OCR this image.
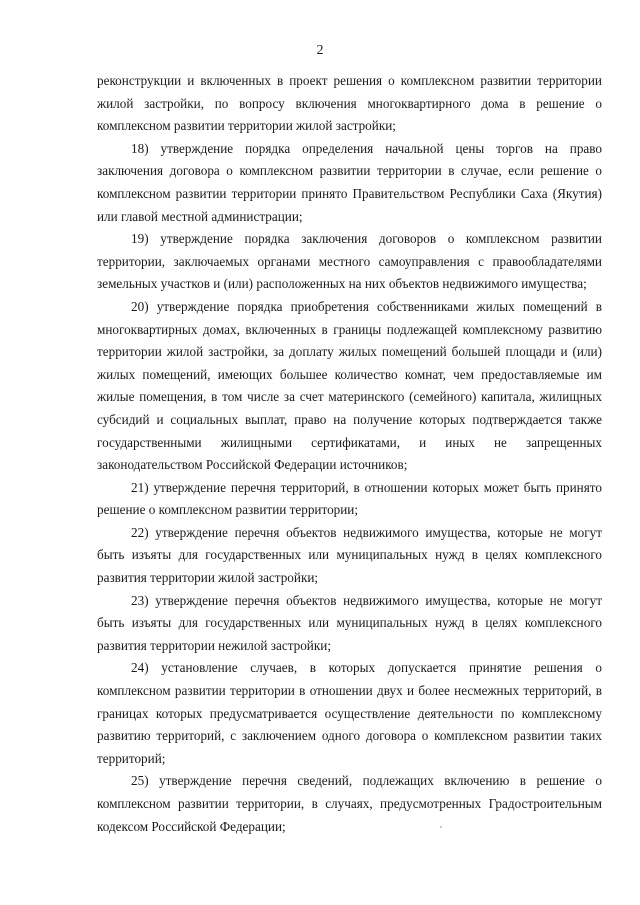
2

реконструкции и включенных в проект решения о комплексном развитии территории жилой застройки, по вопросу включения многоквартирного дома в решение о комплексном развитии территории жилой застройки;

18) утверждение порядка определения начальной цены торгов на право заключения договора о комплексном развитии территории в случае, если решение о комплексном развитии территории принято Правительством Республики Саха (Якутия) или главой местной администрации;

19) утверждение порядка заключения договоров о комплексном развитии территории, заключаемых органами местного самоуправления с правообладателями земельных участков и (или) расположенных на них объектов недвижимого имущества;

20) утверждение порядка приобретения собственниками жилых помещений в многоквартирных домах, включенных в границы подлежащей комплексному развитию территории жилой застройки, за доплату жилых помещений большей площади и (или) жилых помещений, имеющих большее количество комнат, чем предоставляемые им жилые помещения, в том числе за счет материнского (семейного) капитала, жилищных субсидий и социальных выплат, право на получение которых подтверждается также государственными жилищными сертификатами, и иных не запрещенных законодательством Российской Федерации источников;

21) утверждение перечня территорий, в отношении которых может быть принято решение о комплексном развитии территории;

22) утверждение перечня объектов недвижимого имущества, которые не могут быть изъяты для государственных или муниципальных нужд в целях комплексного развития территории жилой застройки;

23) утверждение перечня объектов недвижимого имущества, которые не могут быть изъяты для государственных или муниципальных нужд в целях комплексного развития территории нежилой застройки;

24) установление случаев, в которых допускается принятие решения о комплексном развитии территории в отношении двух и более несмежных территорий, в границах которых предусматривается осуществление деятельности по комплексному развитию территорий, с заключением одного договора о комплексном развитии таких территорий;

25) утверждение перечня сведений, подлежащих включению в решение о комплексном развитии территории, в случаях, предусмотренных Градостроительным кодексом Российской Федерации;
